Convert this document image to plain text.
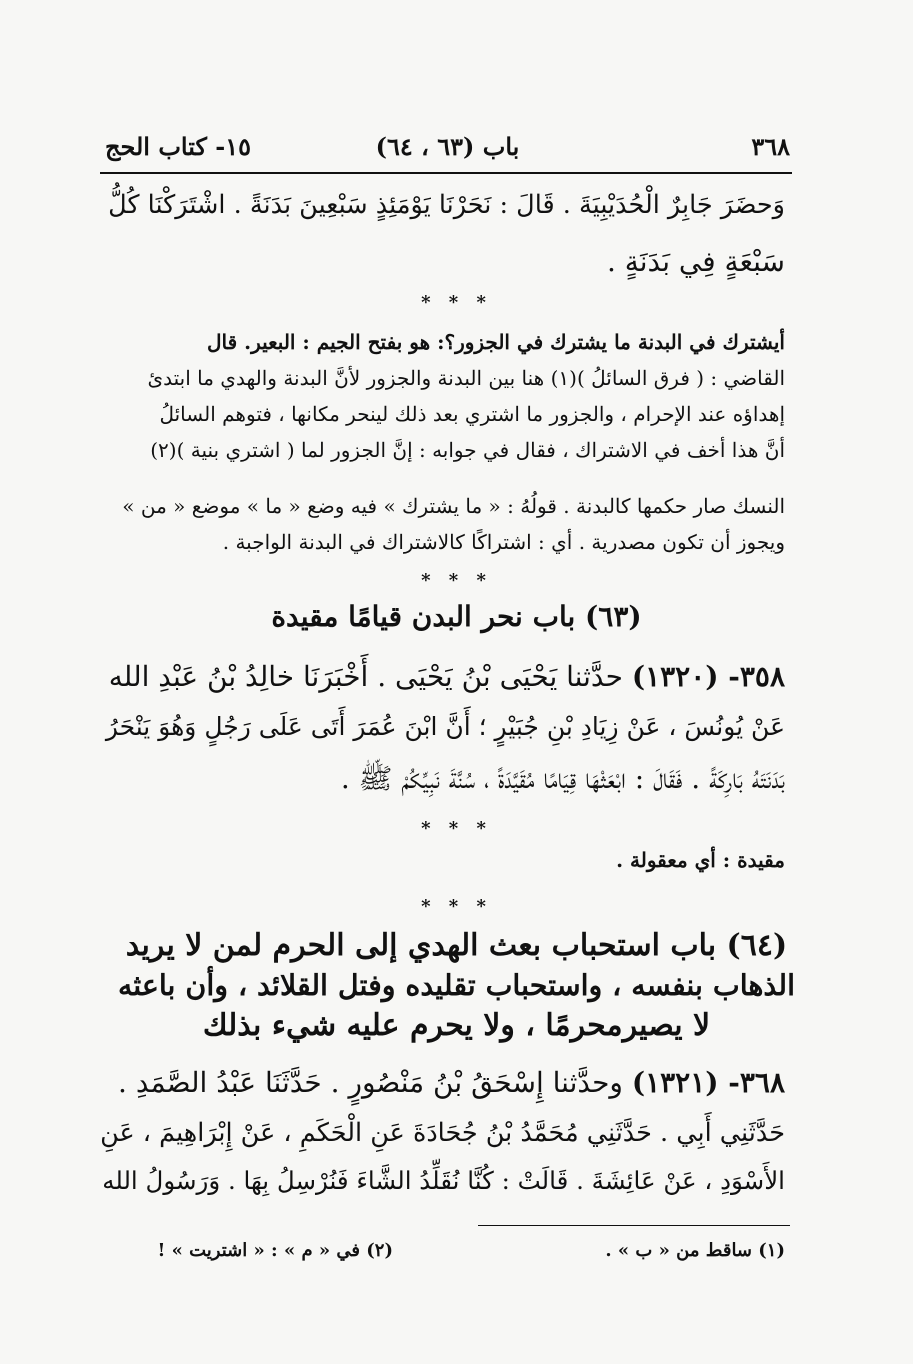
٣٦٨
باب (٦٣ ، ٦٤)
١٥- كتاب الحج
وَحضَرَ جَابِرٌ الْحُدَيْبِيَةَ . قَالَ : نَحَرْنَا يَوْمَئِذٍ سَبْعِينَ بَدَنَةً . اشْتَرَكْنَا كُلُّ
سَبْعَةٍ فِي بَدَنَةٍ .
* * *
أيشترك في البدنة ما يشترك في الجزور؟: هو بفتح الجيم : البعير. قال
القاضي : ( فرق السائلُ )(١) هنا بين البدنة والجزور لأنَّ البدنة والهدي ما ابتدئ
إهداؤه عند الإحرام ، والجزور ما اشتري بعد ذلك لينحر مكانها ، فتوهم السائلُ
أنَّ هذا أخف في الاشتراك ، فقال في جوابه : إنَّ الجزور لما ( اشتري بنية )(٢)
النسك صار حكمها كالبدنة . قولُهُ : « ما يشترك » فيه وضع « ما » موضع « من »
ويجوز أن تكون مصدرية . أي : اشتراكًا كالاشتراك في البدنة الواجبة .
* * *
(٦٣) باب نحر البدن قيامًا مقيدة
٣٥٨- (١٣٢٠) حدَّثنا يَحْيَى بْنُ يَحْيَى . أَخْبَرَنَا خالِدُ بْنُ عَبْدِ الله
عَنْ يُونُسَ ، عَنْ زِيَادِ بْنِ جُبَيْرٍ ؛ أَنَّ ابْنَ عُمَرَ أَتَى عَلَى رَجُلٍ وَهُوَ يَنْحَرُ
بَدَنَتَهُ بَارِكَةً . فَقَالَ : ابْعَثْهَا قِيَامًا مُقَيَّدَةً ، سُنَّةَ نَبِيِّكُمْ ﷺ .
* * *
مقيدة : أي معقولة .
* * *
(٦٤) باب استحباب بعث الهدي إلى الحرم لمن لا يريد
الذهاب بنفسه ، واستحباب تقليده وفتل القلائد ، وأن باعثه
لا يصيرمحرمًا ، ولا يحرم عليه شيء بذلك
٣٦٨- (١٣٢١) وحدَّثنا إِسْحَقُ بْنُ مَنْصُورٍ . حَدَّثَنَا عَبْدُ الصَّمَدِ .
حَدَّثَنِي أَبِي . حَدَّثَنِي مُحَمَّدُ بْنُ جُحَادَةَ عَنِ الْحَكَمِ ، عَنْ إِبْرَاهِيمَ ، عَنِ
الأَسْوَدِ ، عَنْ عَائِشَةَ . قَالَتْ : كُنَّا نُقَلِّدُ الشَّاءَ فَنُرْسِلُ بِهَا . وَرَسُولُ الله
(١) ساقط من « ب » .
(٢) في « م » : « اشتريت » !
